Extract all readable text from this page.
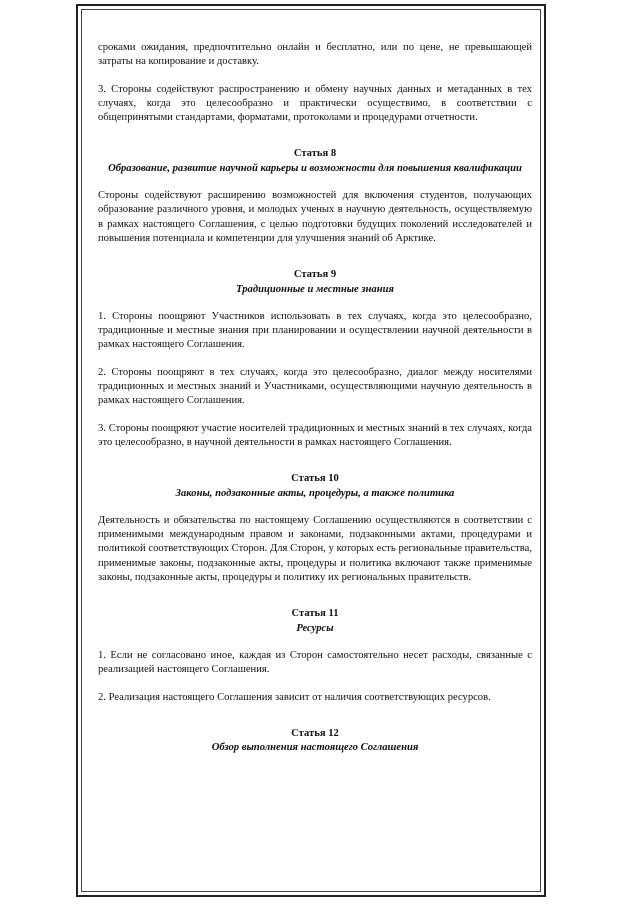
сроками ожидания, предпочтительно онлайн и бесплатно, или по цене, не превышающей затраты на копирование и доставку.

3. Стороны содействуют распространению и обмену научных данных и метаданных в тех случаях, когда это целесообразно и практически осуществимо, в соответствии с общепринятыми стандартами, форматами, протоколами и процедурами отчетности.

Статья 8

Образование, развитие научной карьеры и возможности для повышения квалификации

Стороны содействуют расширению возможностей для включения студентов, получающих образование различного уровня, и молодых ученых в научную деятельность, осуществляемую в рамках настоящего Соглашения, с целью подготовки будущих поколений исследователей и повышения потенциала и компетенции для улучшения знаний об Арктике.

Статья 9

Традиционные и местные знания

1. Стороны поощряют Участников использовать в тех случаях, когда это целесообразно, традиционные и местные знания при планировании и осуществлении научной деятельности в рамках настоящего Соглашения.

2. Стороны поощряют в тех случаях, когда это целесообразно, диалог между носителями традиционных и местных знаний и Участниками, осуществляющими научную деятельность в рамках настоящего Соглашения.

3. Стороны поощряют участие носителей традиционных и местных знаний в тех случаях, когда это целесообразно, в научной деятельности в рамках настоящего Соглашения.

Статья 10

Законы, подзаконные акты, процедуры, а также политика

Деятельность и обязательства по настоящему Соглашению осуществляются в соответствии с применимыми международным правом и законами, подзаконными актами, процедурами и политикой соответствующих Сторон. Для Сторон, у которых есть региональные правительства, применимые законы, подзаконные акты, процедуры и политика включают также применимые законы, подзаконные акты, процедуры и политику их региональных правительств.

Статья 11

Ресурсы

1. Если не согласовано иное, каждая из Сторон самостоятельно несет расходы, связанные с реализацией настоящего Соглашения.

2. Реализация настоящего Соглашения зависит от наличия соответствующих ресурсов.

Статья 12

Обзор выполнения настоящего Соглашения
